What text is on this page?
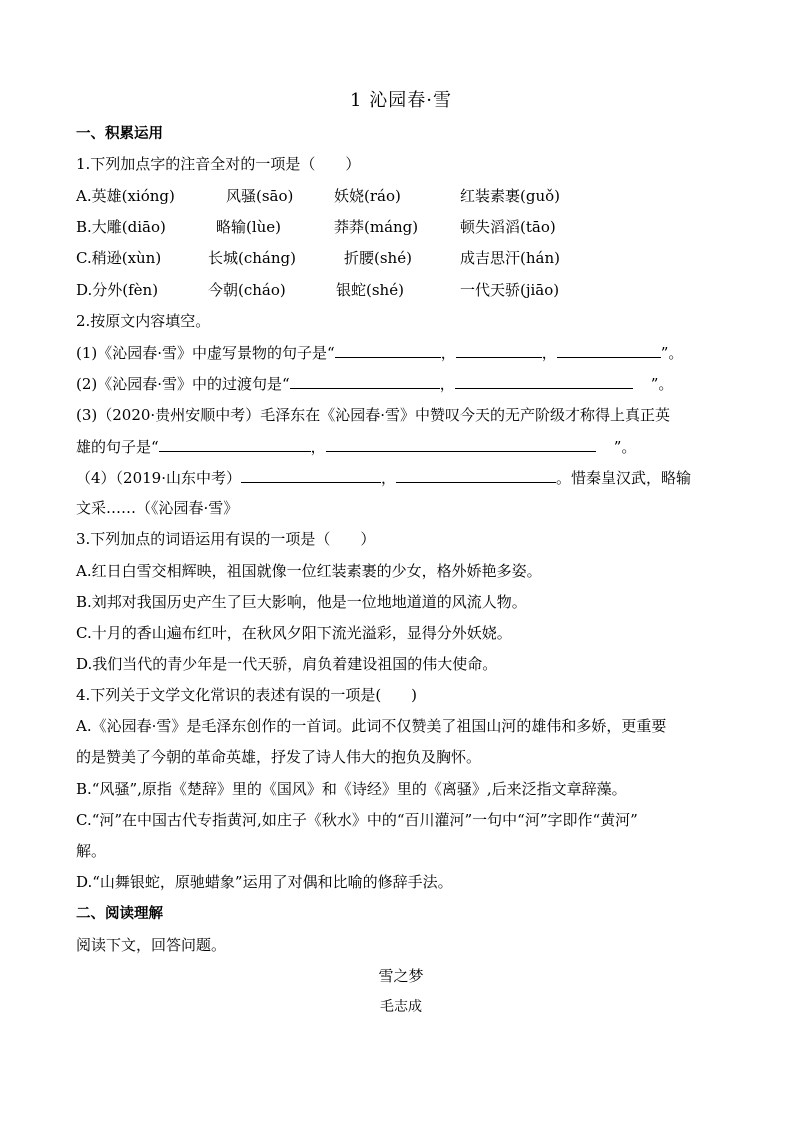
1 沁园春·雪
一、积累运用
1.下列加点字的注音全对的一项是（　　）
A.英雄(xióng)	风骚(sāo)	妖娆(ráo)	红装素裹(guǒ)
B.大雕(diāo)	略输(lùe)	莽莽(máng)	顿失滔滔(tāo)
C.稍逊(xùn)	长城(cháng)	折腰(shé)	成吉思汗(hán)
D.分外(fèn)	今朝(cháo)	银蛇(shé)	一代天骄(jiāo)
2.按原文内容填空。
(1)《沁园春·雪》中虚写景物的句子是“	，	，	”。
(2)《沁园春·雪》中的过渡句是“	，	”。
(3)（2020·贵州安顺中考）毛泽东在《沁园春·雪》中赞叹今天的无产阶级才称得上真正英
雄的句子是“	，	”。
（4）（2019·山东中考）	，	。惜秦皇汉武，略输
文采……（《沁园春·雪》
3.下列加点的词语运用有误的一项是（　　）
A.红日白雪交相辉映，祖国就像一位红装素裹的少女，格外娇艳多姿。
B.刘邦对我国历史产生了巨大影响，他是一位地地道道的风流人物。
C.十月的香山遍布红叶，在秋风夕阳下流光溢彩，显得分外妖娆。
D.我们当代的青少年是一代天骄，肩负着建设祖国的伟大使命。
4.下列关于文学文化常识的表述有误的一项是(　　)
A.《沁园春·雪》是毛泽东创作的一首词。此词不仅赞美了祖国山河的雄伟和多娇，更重要
的是赞美了今朝的革命英雄，抒发了诗人伟大的抱负及胸怀。
B.“风骚”,原指《楚辞》里的《国风》和《诗经》里的《离骚》,后来泛指文章辞藻。
C.“河”在中国古代专指黄河,如庄子《秋水》中的“百川灌河”一句中“河”字即作“黄河”
解。
D.“山舞银蛇，原驰蜡象”运用了对偶和比喻的修辞手法。
二、阅读理解
阅读下文，回答问题。
雪之梦
毛志成
